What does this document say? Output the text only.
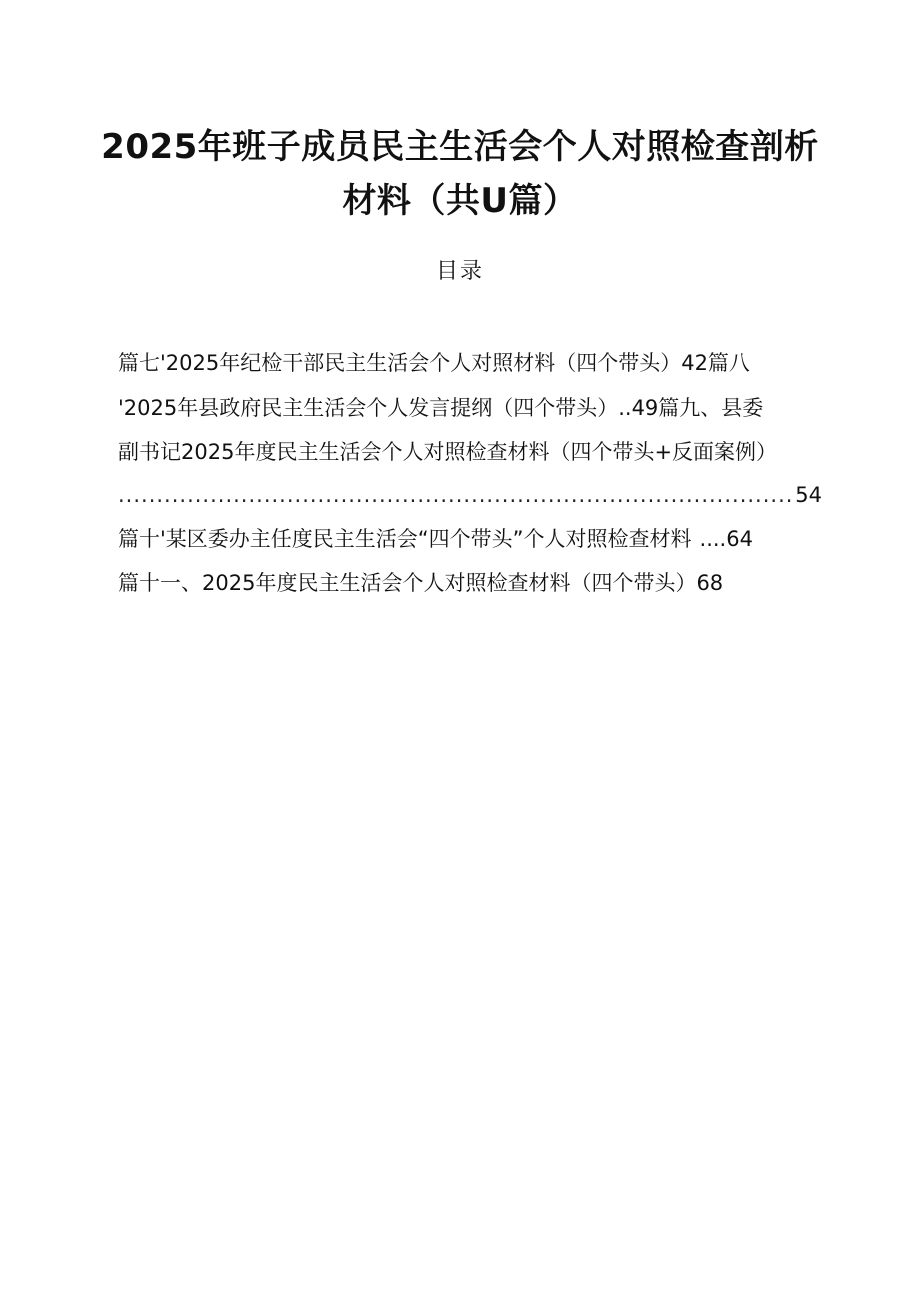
2025年班子成员民主生活会个人对照检查剖析
材料（共U篇）
目录
篇七'2025年纪检干部民主生活会个人对照材料（四个带头）42篇八
'2025年县政府民主生活会个人发言提纲（四个带头）..49篇九、县委
副书记2025年度民主生活会个人对照检查材料（四个带头+反面案例）
.....
54
篇十'某区委办主任度民主生活会“四个带头”个人对照检查材料 ....64
篇十一、2025年度民主生活会个人对照检查材料（四个带头）68
